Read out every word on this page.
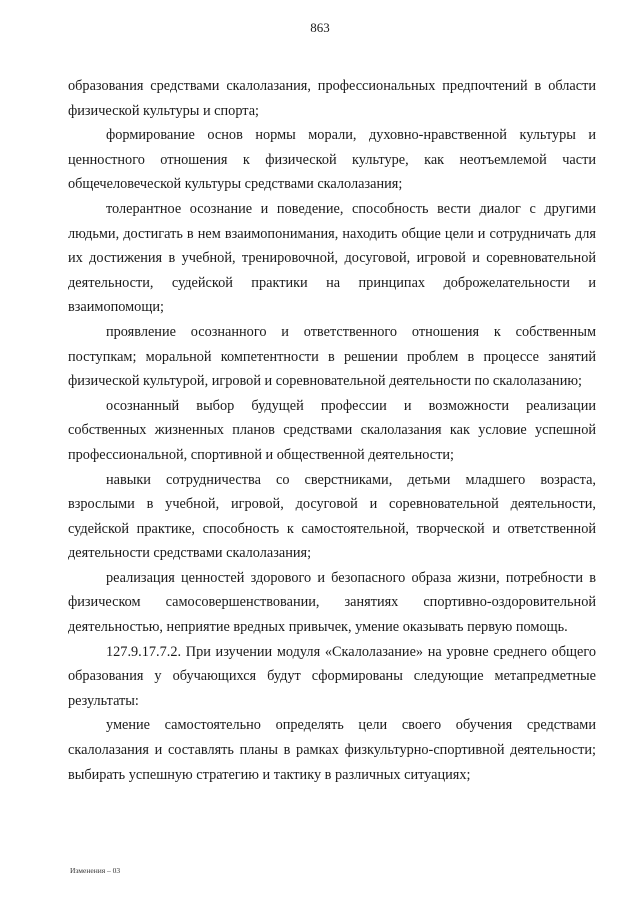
863

образования средствами скалолазания, профессиональных предпочтений в области физической культуры и спорта;

формирование основ нормы морали, духовно-нравственной культуры и ценностного отношения к физической культуре, как неотъемлемой части общечеловеческой культуры средствами скалолазания;

толерантное осознание и поведение, способность вести диалог с другими людьми, достигать в нем взаимопонимания, находить общие цели и сотрудничать для их достижения в учебной, тренировочной, досуговой, игровой и соревновательной деятельности, судейской практики на принципах доброжелательности и взаимопомощи;

проявление осознанного и ответственного отношения к собственным поступкам; моральной компетентности в решении проблем в процессе занятий физической культурой, игровой и соревновательной деятельности по скалолазанию;

осознанный выбор будущей профессии и возможности реализации собственных жизненных планов средствами скалолазания как условие успешной профессиональной, спортивной и общественной деятельности;

навыки сотрудничества со сверстниками, детьми младшего возраста, взрослыми в учебной, игровой, досуговой и соревновательной деятельности, судейской практике, способность к самостоятельной, творческой и ответственной деятельности средствами скалолазания;

реализация ценностей здорового и безопасного образа жизни, потребности в физическом самосовершенствовании, занятиях спортивно-оздоровительной деятельностью, неприятие вредных привычек, умение оказывать первую помощь.

127.9.17.7.2. При изучении модуля «Скалолазание» на уровне среднего общего образования у обучающихся будут сформированы следующие метапредметные результаты:

умение самостоятельно определять цели своего обучения средствами скалолазания и составлять планы в рамках физкультурно-спортивной деятельности; выбирать успешную стратегию и тактику в различных ситуациях;

Изменения – 03
